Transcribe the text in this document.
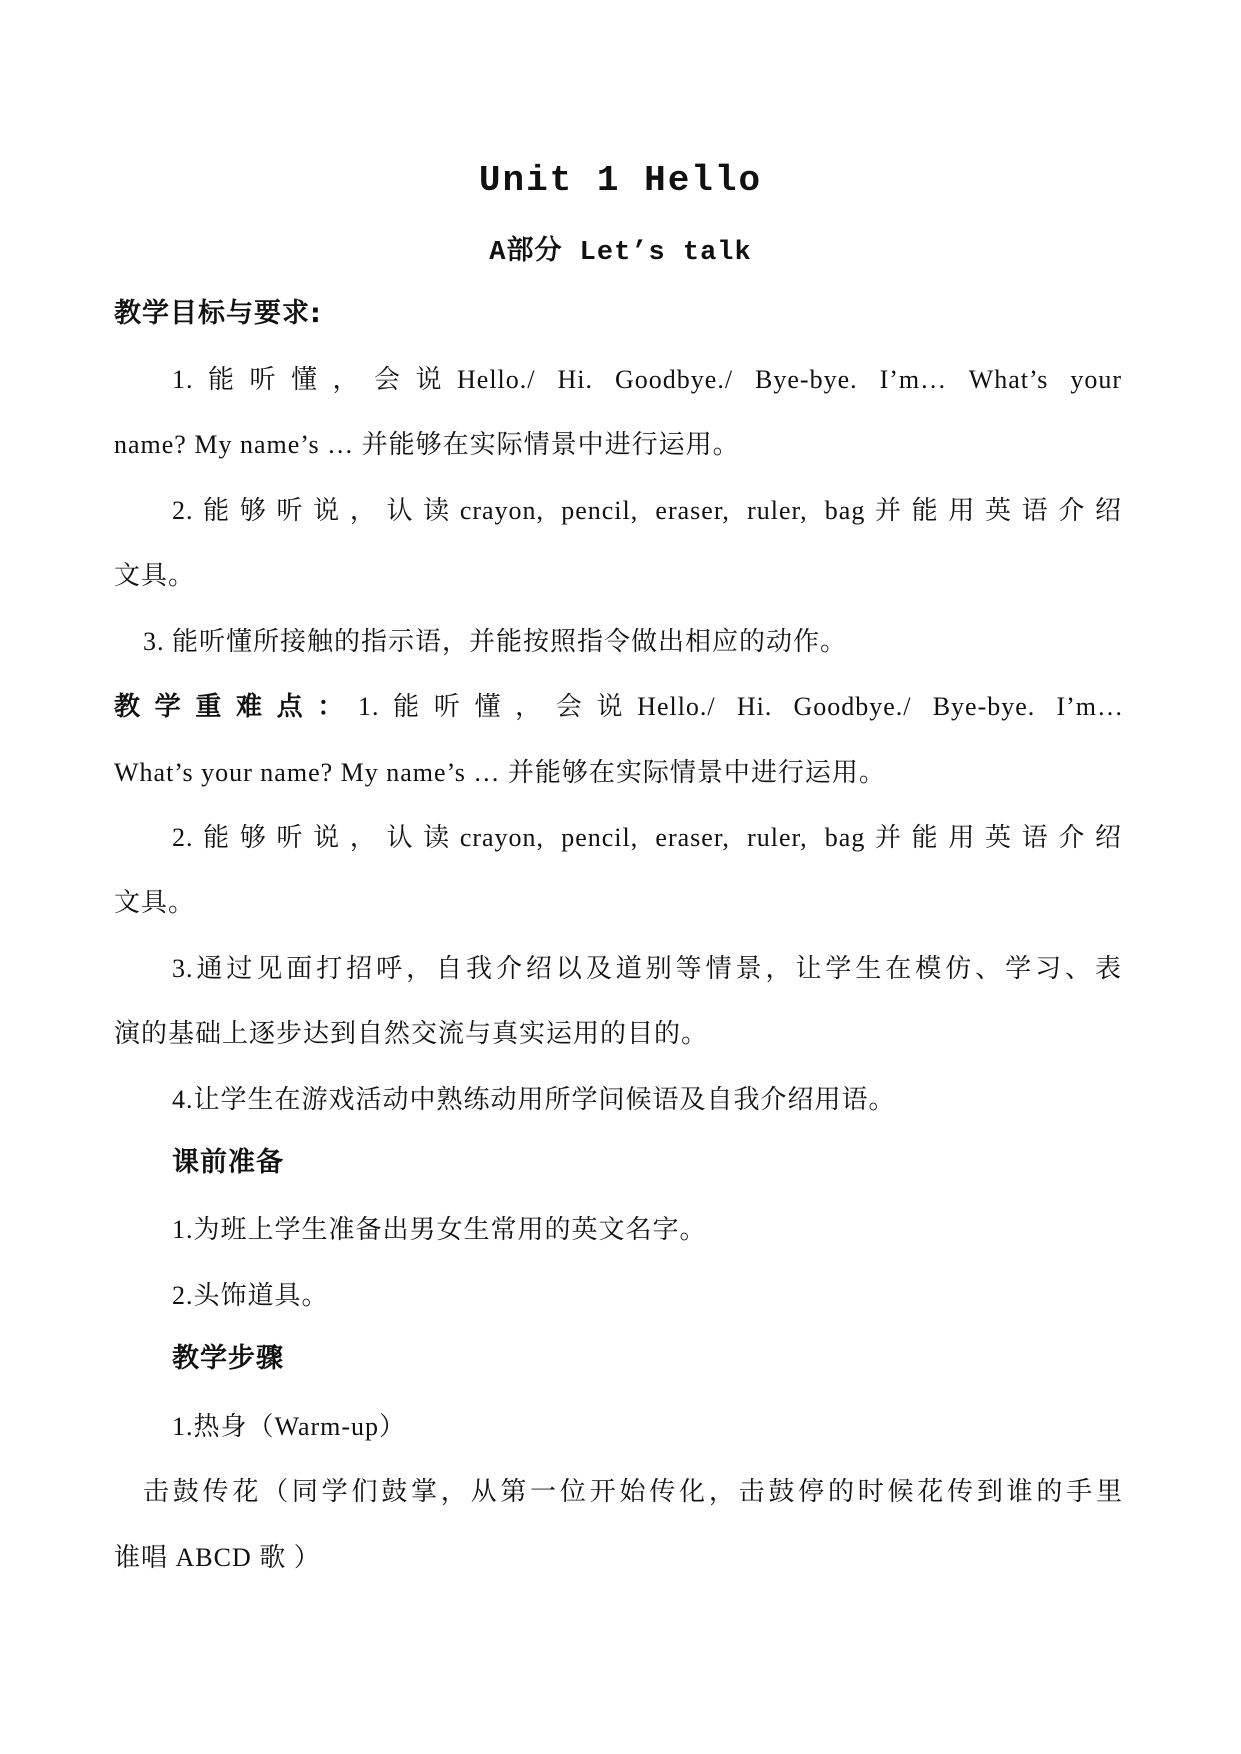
Unit 1 Hello
A部分 Let’s talk
教学目标与要求:
1.能听懂，会说Hello./ Hi. Goodbye./ Bye-bye. I’m… What’s your
name? My name’s … 并能够在实际情景中进行运用。
2.能够听说，认读crayon, pencil, eraser, ruler, bag并能用英语介绍
文具。
3. 能听懂所接触的指示语，并能按照指令做出相应的动作。
教学重难点：1.能听懂，会说Hello./ Hi. Goodbye./ Bye-bye. I’m…
What’s your name? My name’s … 并能够在实际情景中进行运用。
2.能够听说，认读crayon, pencil, eraser, ruler, bag并能用英语介绍
文具。
3.通过见面打招呼，自我介绍以及道别等情景，让学生在模仿、学习、表
演的基础上逐步达到自然交流与真实运用的目的。
4.让学生在游戏活动中熟练动用所学问候语及自我介绍用语。
课前准备
1.为班上学生准备出男女生常用的英文名字。
2.头饰道具。
教学步骤
1.热身（Warm-up）
击鼓传花（同学们鼓掌，从第一位开始传化，击鼓停的时候花传到谁的手里
谁唱 ABCD 歌 ）
